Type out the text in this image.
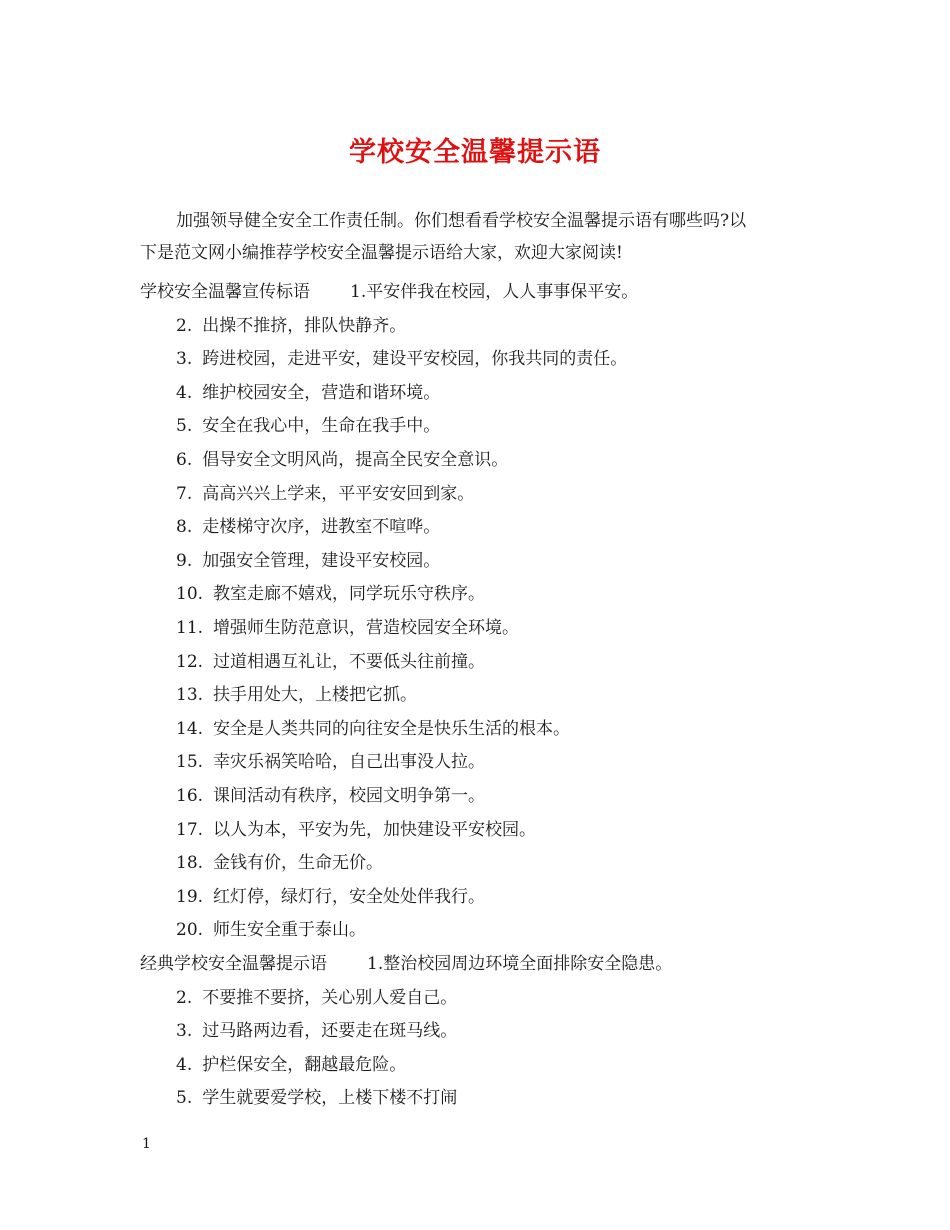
学校安全温馨提示语
加强领导健全安全工作责任制。你们想看看学校安全温馨提示语有哪些吗?以
下是范文网小编推荐学校安全温馨提示语给大家，欢迎大家阅读!
学校安全温馨宣传标语 1.平安伴我在校园，人人事事保平安。
2. 出操不推挤，排队快静齐。
3. 跨进校园，走进平安，建设平安校园，你我共同的责任。
4. 维护校园安全，营造和谐环境。
5. 安全在我心中，生命在我手中。
6. 倡导安全文明风尚，提高全民安全意识。
7. 高高兴兴上学来，平平安安回到家。
8. 走楼梯守次序，进教室不喧哗。
9. 加强安全管理，建设平安校园。
10. 教室走廊不嬉戏，同学玩乐守秩序。
11. 增强师生防范意识，营造校园安全环境。
12. 过道相遇互礼让，不要低头往前撞。
13. 扶手用处大，上楼把它抓。
14. 安全是人类共同的向往安全是快乐生活的根本。
15. 幸灾乐祸笑哈哈，自己出事没人拉。
16. 课间活动有秩序，校园文明争第一。
17. 以人为本，平安为先，加快建设平安校园。
18. 金钱有价，生命无价。
19. 红灯停，绿灯行，安全处处伴我行。
20. 师生安全重于泰山。
经典学校安全温馨提示语 1.整治校园周边环境全面排除安全隐患。
2. 不要推不要挤，关心别人爱自己。
3. 过马路两边看，还要走在斑马线。
4. 护栏保安全，翻越最危险。
5. 学生就要爱学校，上楼下楼不打闹
1
